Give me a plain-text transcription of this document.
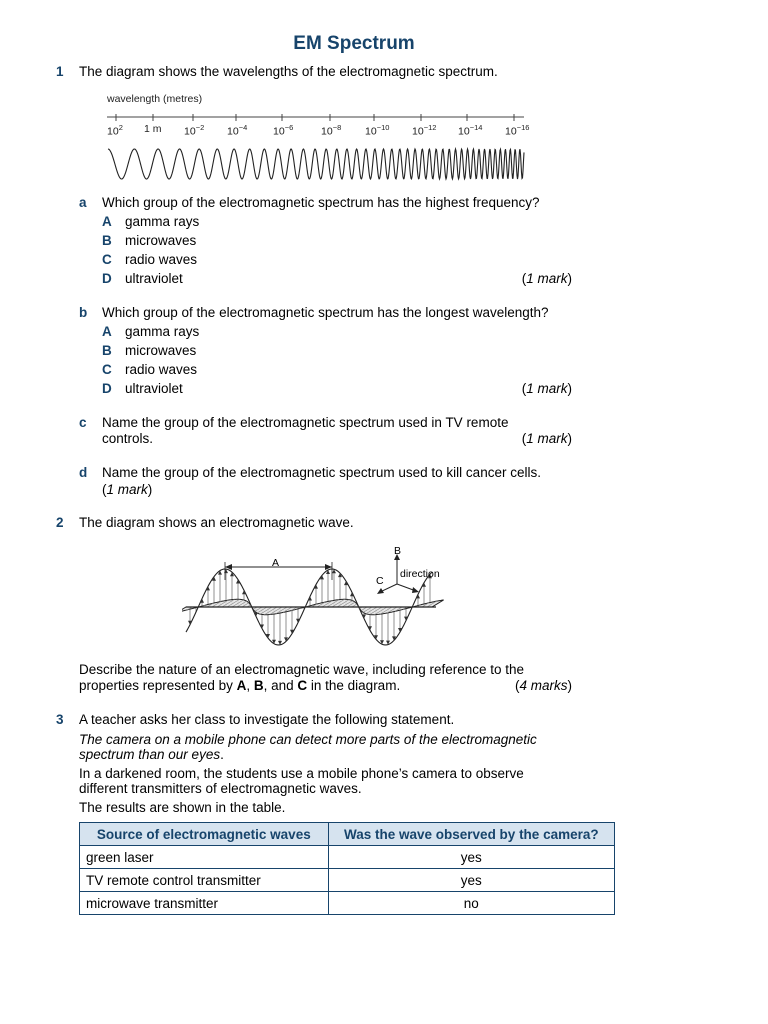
EM Spectrum
1 The diagram shows the wavelengths of the electromagnetic spectrum.
wavelength (metres)
$10^2$ 1 m $10^{-2}$ $10^{-4}$ $10^{-6}$	$10^{-8}$ $10^{-10}$ $10^{-12}$ $10^{-14}$ $10^{-16}$
a Which group of the electromagnetic spectrum has the highest frequency?
A gamma rays
B microwaves
C radio waves
D ultraviolet	(1 mark)
b Which group of the electromagnetic spectrum has the longest wavelength?
A gamma rays
B microwaves
C radio waves
D ultraviolet	(1 mark)
c Name the group of the electromagnetic spectrum used in TV remote
controls.	(1 mark)
d Name the group of the electromagnetic spectrum used to kill cancer cells.
(1 mark)
2 The diagram shows an electromagnetic wave.
A
B
C
direction
Describe the nature of an electromagnetic wave, including reference to the
properties represented by A, B, and C in the diagram.	(4 marks)
3 A teacher asks her class to investigate the following statement.
The camera on a mobile phone can detect more parts of the electromagnetic
spectrum than our eyes.
In a darkened room, the students use a mobile phone’s camera to observe
different transmitters of electromagnetic waves.
The results are shown in the table.
Source of electromagnetic waves	Was the wave observed by the camera?
green laser	yes
TV remote control transmitter	yes
microwave transmitter	no
